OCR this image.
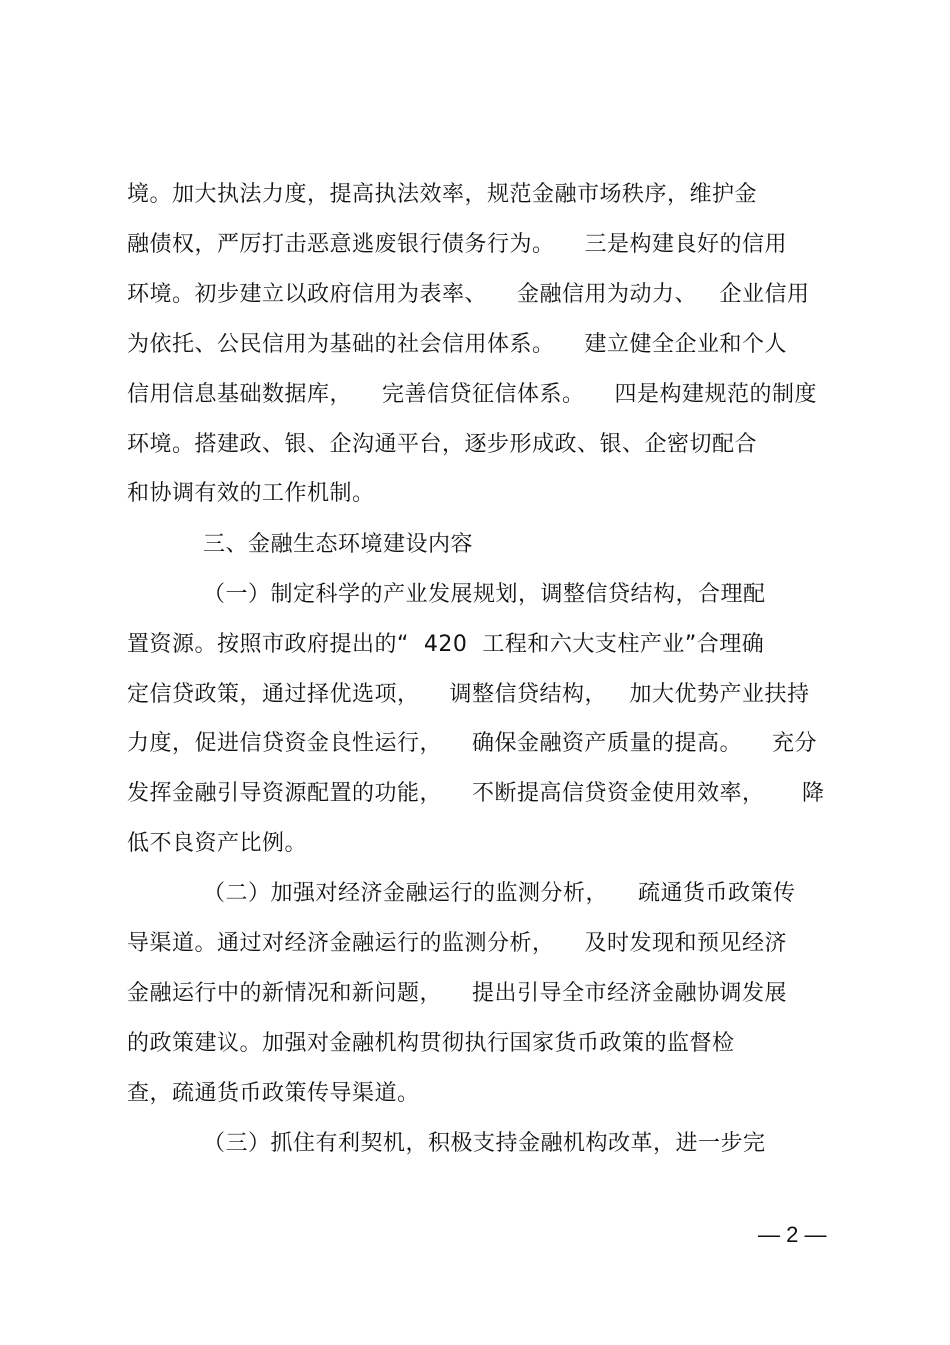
境。加大执法力度，提高执法效率，规范金融市场秩序，维护金
融债权，严厉打击恶意逃废银行债务行为。    三是构建良好的信用
环境。初步建立以政府信用为表率、    金融信用为动力、   企业信用
为依托、公民信用为基础的社会信用体系。    建立健全企业和个人
信用信息基础数据库，    完善信贷征信体系。    四是构建规范的制度
环境。搭建政、银、企沟通平台，逐步形成政、银、企密切配合
和协调有效的工作机制。
三、金融生态环境建设内容
（一）制定科学的产业发展规划，调整信贷结构，合理配
置资源。按照市政府提出的“  420  工程和六大支柱产业”合理确
定信贷政策，通过择优选项，    调整信贷结构，   加大优势产业扶持
力度，促进信贷资金良性运行，    确保金融资产质量的提高。    充分
发挥金融引导资源配置的功能，    不断提高信贷资金使用效率，     降
低不良资产比例。
（二）加强对经济金融运行的监测分析，    疏通货币政策传
导渠道。通过对经济金融运行的监测分析，    及时发现和预见经济
金融运行中的新情况和新问题，    提出引导全市经济金融协调发展
的政策建议。加强对金融机构贯彻执行国家货币政策的监督检
查，疏通货币政策传导渠道。
（三）抓住有利契机，积极支持金融机构改革，进一步完
— 2 —
